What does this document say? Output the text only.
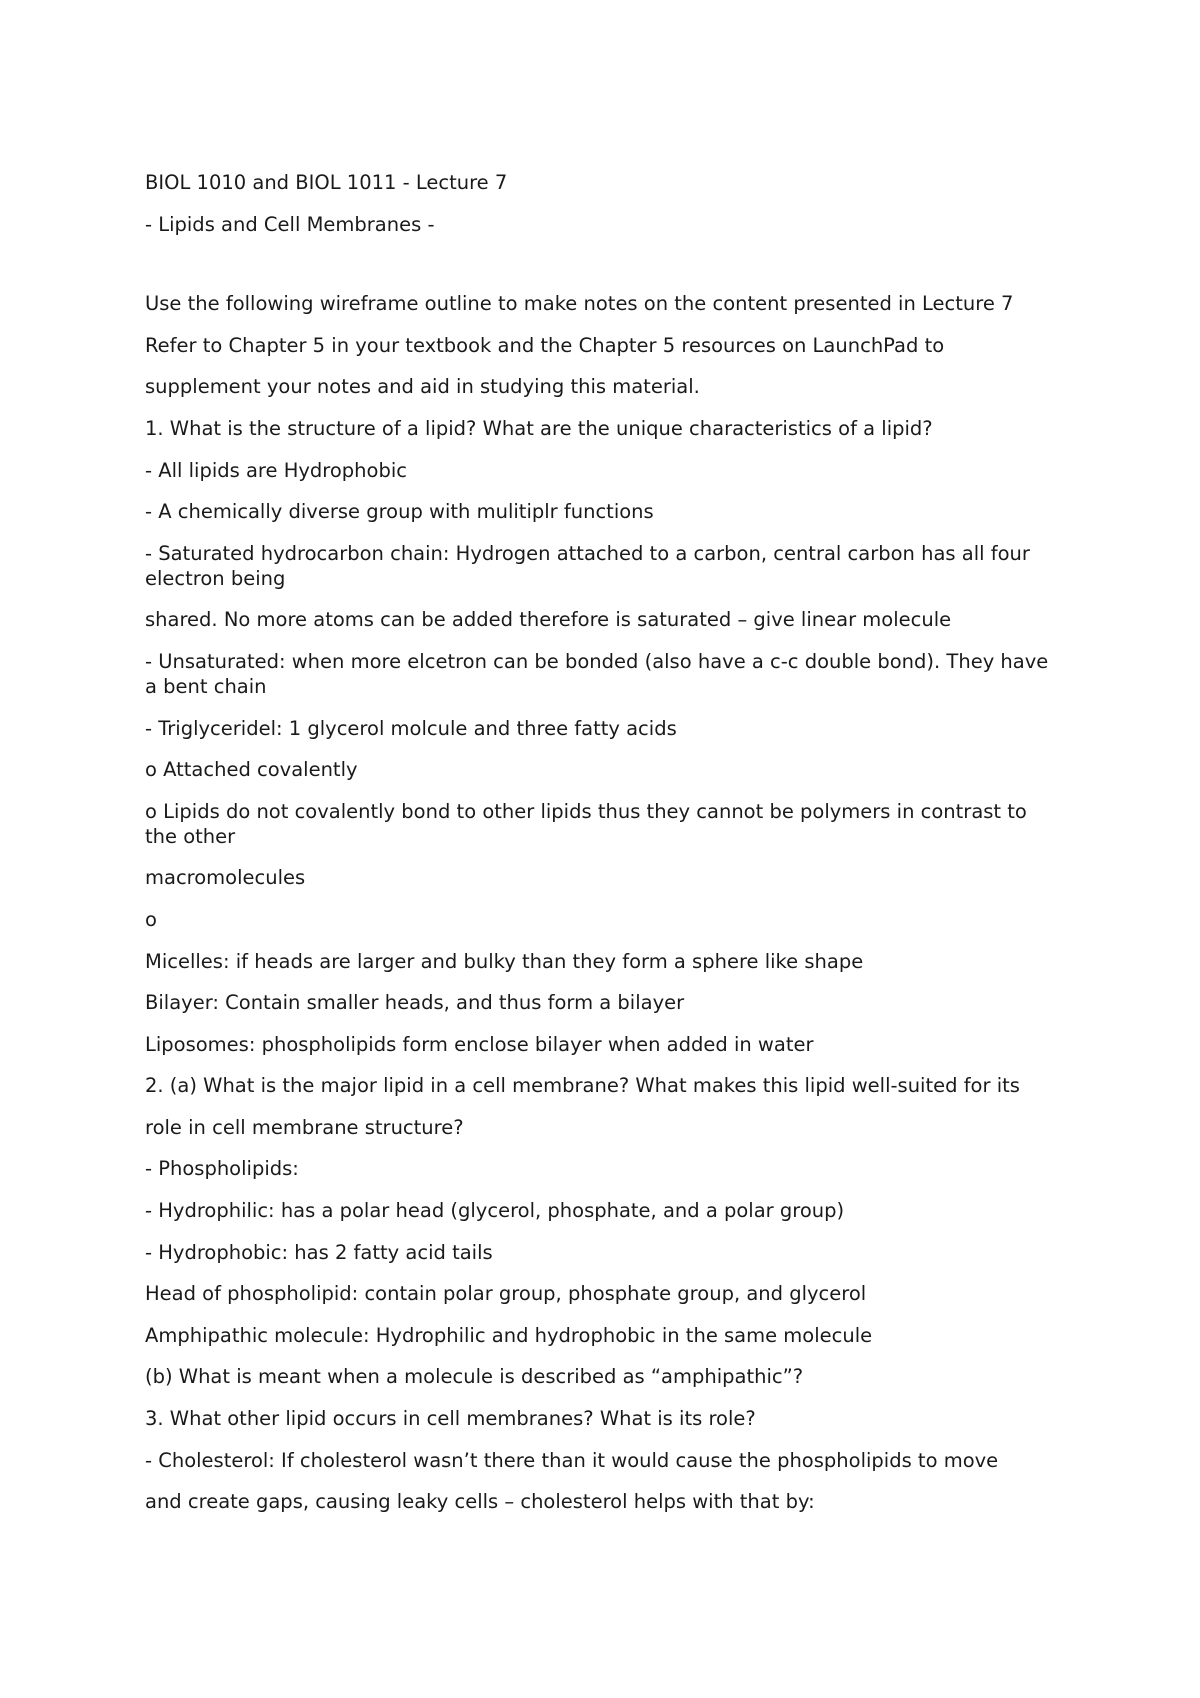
BIOL 1010 and BIOL 1011 - Lecture 7
- Lipids and Cell Membranes -
Use the following wireframe outline to make notes on the content presented in Lecture 7
Refer to Chapter 5 in your textbook and the Chapter 5 resources on LaunchPad to
supplement your notes and aid in studying this material.
1. What is the structure of a lipid? What are the unique characteristics of a lipid?
- All lipids are Hydrophobic
- A chemically diverse group with mulitiplr functions
- Saturated hydrocarbon chain: Hydrogen attached to a carbon, central carbon has all four electron being
shared. No more atoms can be added therefore is saturated – give linear molecule
- Unsaturated: when more elcetron can be bonded (also have a c-c double bond). They have a bent chain
- Triglyceridel: 1 glycerol molcule and three fatty acids
o Attached covalently
o Lipids do not covalently bond to other lipids thus they cannot be polymers in contrast to the other
macromolecules
o
Micelles: if heads are larger and bulky than they form a sphere like shape
Bilayer: Contain smaller heads, and thus form a bilayer
Liposomes: phospholipids form enclose bilayer when added in water
2. (a) What is the major lipid in a cell membrane? What makes this lipid well-suited for its
role in cell membrane structure?
- Phospholipids:
- Hydrophilic: has a polar head (glycerol, phosphate, and a polar group)
- Hydrophobic: has 2 fatty acid tails
Head of phospholipid: contain polar group, phosphate group, and glycerol
Amphipathic molecule: Hydrophilic and hydrophobic in the same molecule
(b) What is meant when a molecule is described as “amphipathic”?
3. What other lipid occurs in cell membranes? What is its role?
- Cholesterol: If cholesterol wasn’t there than it would cause the phospholipids to move
and create gaps, causing leaky cells – cholesterol helps with that by:
